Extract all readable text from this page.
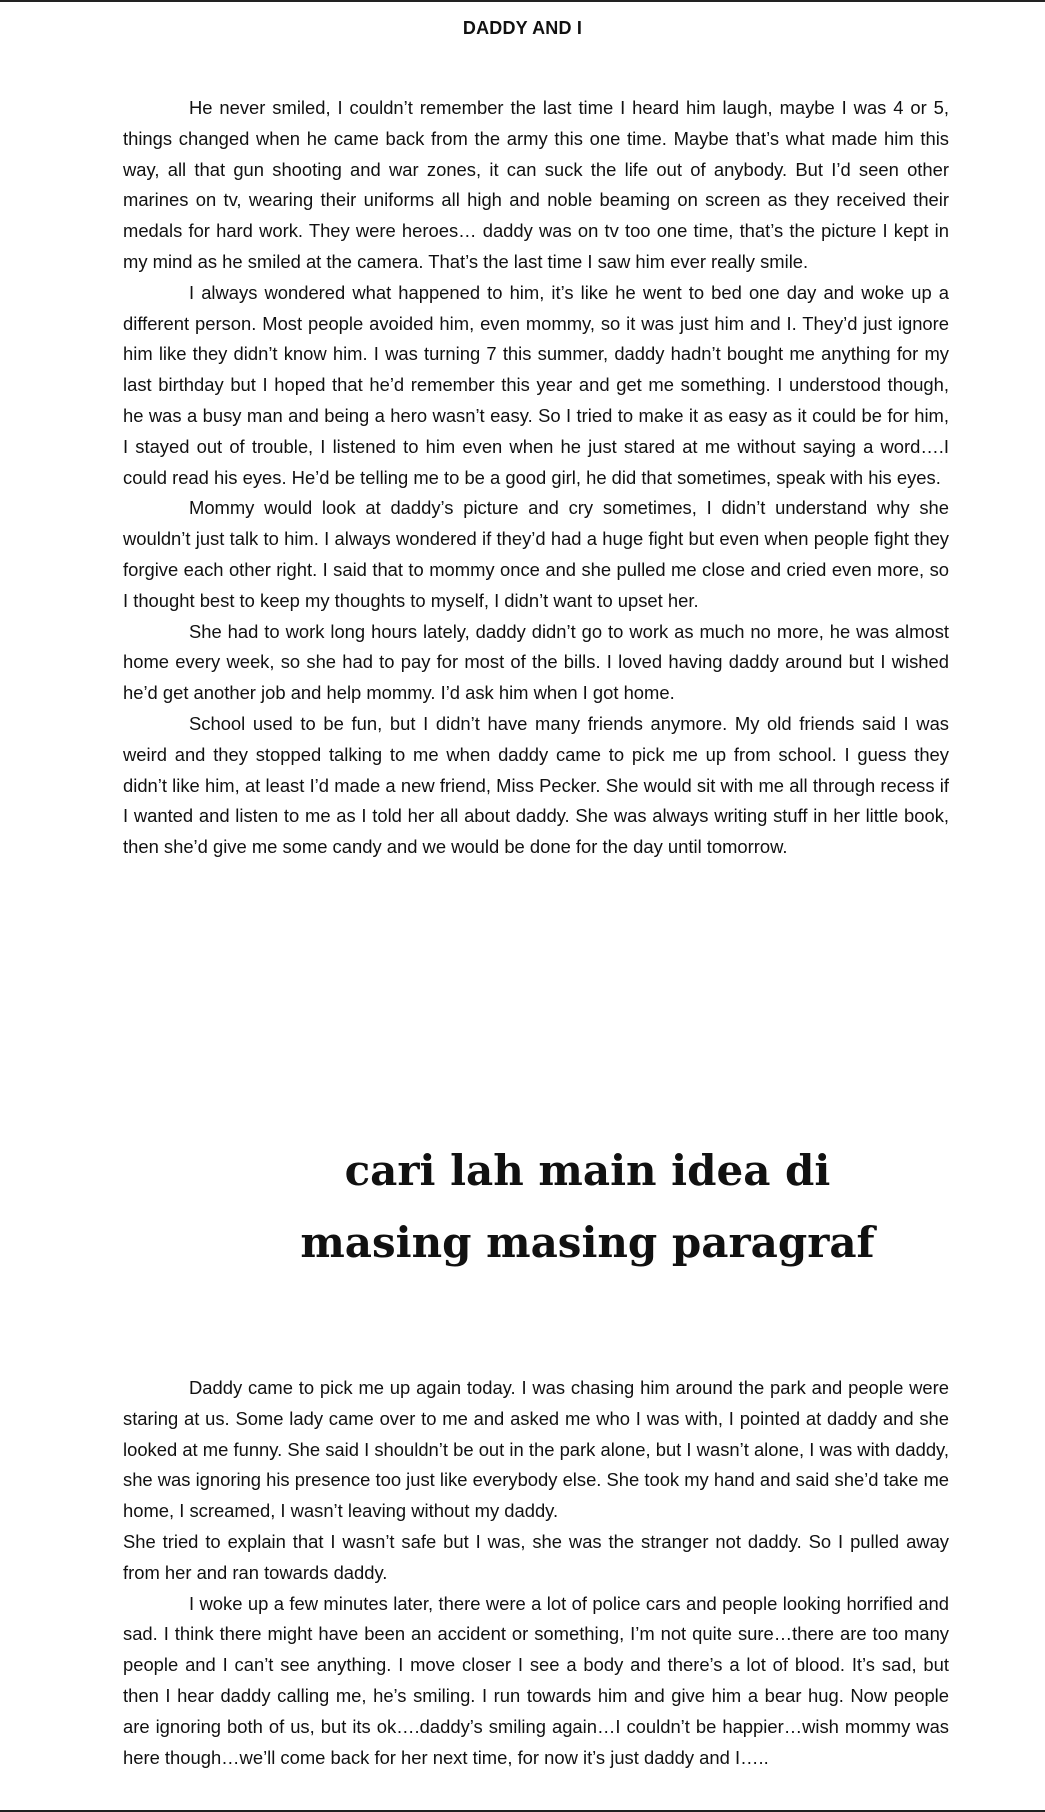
DADDY AND I

He never smiled, I couldn’t remember the last time I heard him laugh, maybe I was 4 or 5, things changed when he came back from the army this one time. Maybe that’s what made him this way, all that gun shooting and war zones, it can suck the life out of anybody. But I’d seen other marines on tv, wearing their uniforms all high and noble beaming on screen as they received their medals for hard work. They were heroes… daddy was on tv too one time, that’s the picture I kept in my mind as he smiled at the camera. That’s the last time I saw him ever really smile.

I always wondered what happened to him, it’s like he went to bed one day and woke up a different person. Most people avoided him, even mommy, so it was just him and I. They’d just ignore him like they didn’t know him. I was turning 7 this summer, daddy hadn’t bought me anything for my last birthday but I hoped that he’d remember this year and get me something. I understood though, he was a busy man and being a hero wasn’t easy. So I tried to make it as easy as it could be for him, I stayed out of trouble, I listened to him even when he just stared at me without saying a word….I could read his eyes. He’d be telling me to be a good girl, he did that sometimes, speak with his eyes.

Mommy would look at daddy’s picture and cry sometimes, I didn’t understand why she wouldn’t just talk to him. I always wondered if they’d had a huge fight but even when people fight they forgive each other right. I said that to mommy once and she pulled me close and cried even more, so I thought best to keep my thoughts to myself, I didn’t want to upset her.

She had to work long hours lately, daddy didn’t go to work as much no more, he was almost home every week, so she had to pay for most of the bills. I loved having daddy around but I wished he’d get another job and help mommy. I’d ask him when I got home.

School used to be fun, but I didn’t have many friends anymore. My old friends said I was weird and they stopped talking to me when daddy came to pick me up from school. I guess they didn’t like him, at least I’d made a new friend, Miss Pecker. She would sit with me all through recess if I wanted and listen to me as I told her all about daddy. She was always writing stuff in her little book, then she’d give me some candy and we would be done for the day until tomorrow.

cari lah main idea di
masing masing paragraf

Daddy came to pick me up again today. I was chasing him around the park and people were staring at us. Some lady came over to me and asked me who I was with, I pointed at daddy and she looked at me funny. She said I shouldn’t be out in the park alone, but I wasn’t alone, I was with daddy, she was ignoring his presence too just like everybody else. She took my hand and said she’d take me home, I screamed, I wasn’t leaving without my daddy.

She tried to explain that I wasn’t safe but I was, she was the stranger not daddy. So I pulled away from her and ran towards daddy.

I woke up a few minutes later, there were a lot of police cars and people looking horrified and sad. I think there might have been an accident or something, I’m not quite sure…there are too many people and I can’t see anything. I move closer I see a body and there’s a lot of blood. It’s sad, but then I hear daddy calling me, he’s smiling. I run towards him and give him a bear hug. Now people are ignoring both of us, but its ok….daddy’s smiling again…I couldn’t be happier…wish mommy was here though…we’ll come back for her next time, for now it’s just daddy and I…..
